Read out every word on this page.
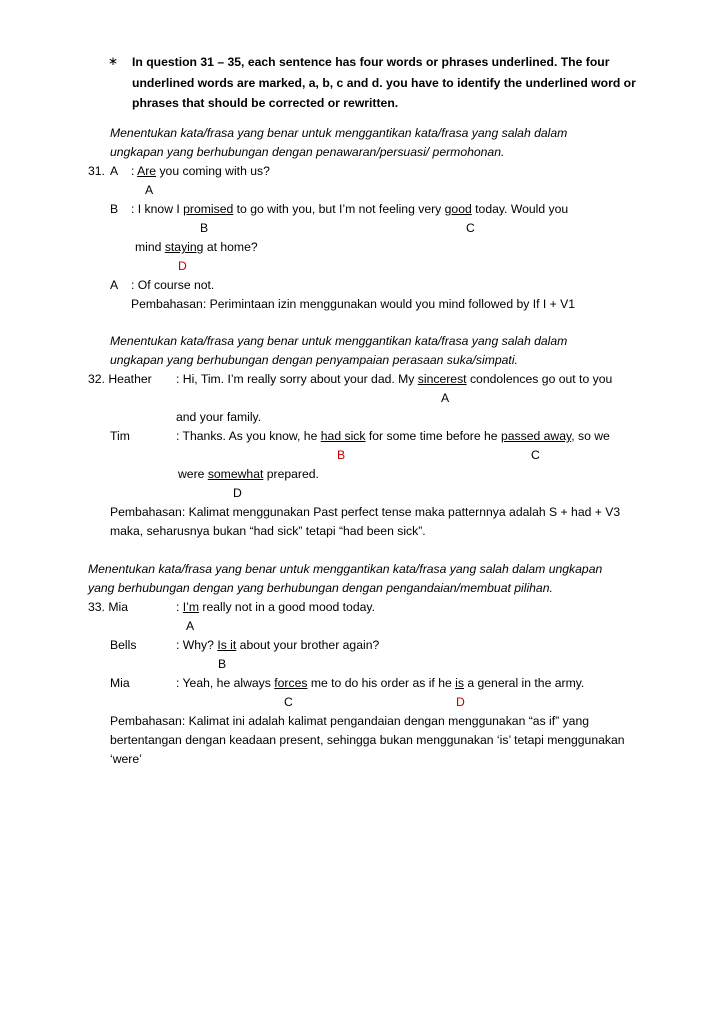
∗ In question 31 – 35, each sentence has four words or phrases underlined. The four
underlined words are marked, a, b, c and d. you have to identify the underlined word or
phrases that should be corrected or rewritten.
Menentukan kata/frasa yang benar untuk menggantikan kata/frasa yang salah dalam
ungkapan yang berhubungan dengan penawaran/persuasi/ permohonan.
31. A : Are you coming with us?
A
B : I know I promised to go with you, but I’m not feeling very good today. Would you
B	C
mind staying at home?
D
A : Of course not.
Pembahasan: Perimintaan izin menggunakan would you mind followed by If I + V1
Menentukan kata/frasa yang benar untuk menggantikan kata/frasa yang salah dalam
ungkapan yang berhubungan dengan penyampaian perasaan suka/simpati.
32. Heather : Hi, Tim. I’m really sorry about your dad. My sincerest condolences go out to you
A
and your family.
Tim	: Thanks. As you know, he had sick for some time before he passed away, so we
B	C
were somewhat prepared.
D
Pembahasan: Kalimat menggunakan Past perfect tense maka patternnya adalah S + had + V3
maka, seharusnya bukan “had sick” tetapi “had been sick”.
Menentukan kata/frasa yang benar untuk menggantikan kata/frasa yang salah dalam ungkapan
yang berhubungan dengan yang berhubungan dengan pengandaian/membuat pilihan.
33. Mia	: I’m really not in a good mood today.
A
Bells	: Why? Is it about your brother again?
B
Mia	: Yeah, he always forces me to do his order as if he is a general in the army.
C	D
Pembahasan: Kalimat ini adalah kalimat pengandaian dengan menggunakan “as if” yang
bertentangan dengan keadaan present, sehingga bukan menggunakan ‘is’ tetapi menggunakan
‘were’
